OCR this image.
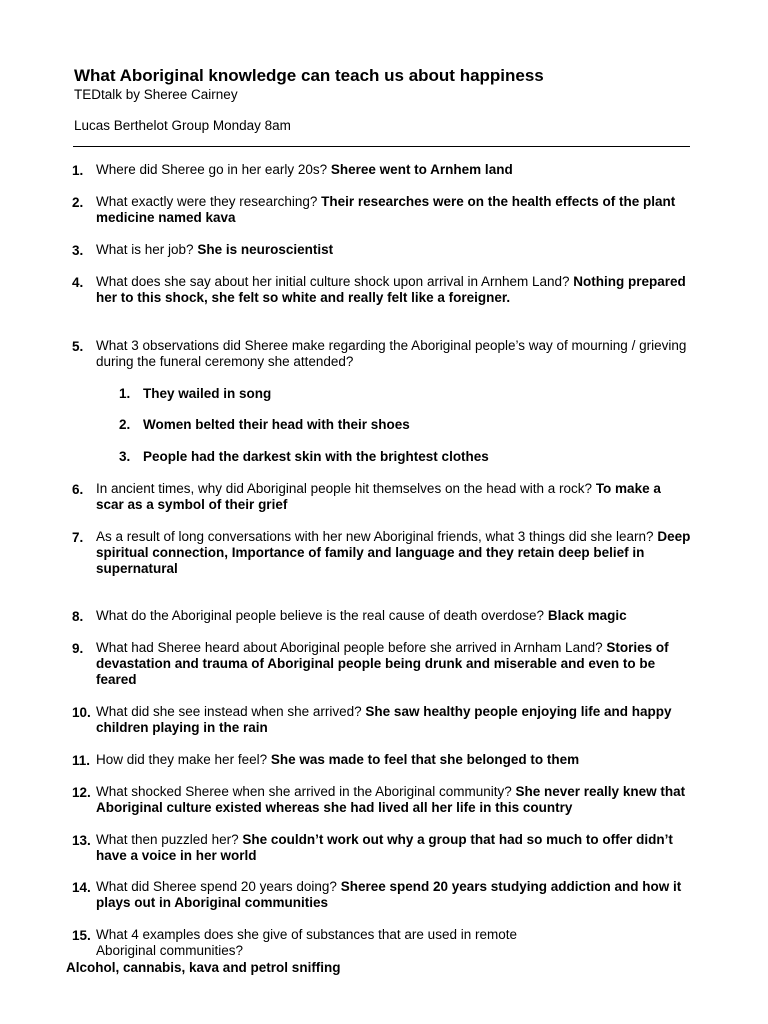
What Aboriginal knowledge can teach us about happiness
TEDtalk by Sheree Cairney
Lucas Berthelot Group Monday 8am
1. Where did Sheree go in her early 20s? Sheree went to Arnhem land
2. What exactly were they researching? Their researches were on the health effects of the plant medicine named kava
3. What is her job? She is neuroscientist
4. What does she say about her initial culture shock upon arrival in Arnhem Land? Nothing prepared her to this shock, she felt so white and really felt like a foreigner.
5. What 3 observations did Sheree make regarding the Aboriginal people’s way of mourning / grieving during the funeral ceremony she attended?
1. They wailed in song
2. Women belted their head with their shoes
3. People had the darkest skin with the brightest clothes
6. In ancient times, why did Aboriginal people hit themselves on the head with a rock? To make a scar as a symbol of their grief
7. As a result of long conversations with her new Aboriginal friends, what 3 things did she learn? Deep spiritual connection, Importance of family and language and they retain deep belief in supernatural
8. What do the Aboriginal people believe is the real cause of death overdose? Black magic
9. What had Sheree heard about Aboriginal people before she arrived in Arnham Land? Stories of devastation and trauma of Aboriginal people being drunk and miserable and even to be feared
10. What did she see instead when she arrived? She saw healthy people enjoying life and happy children playing in the rain
11. How did they make her feel? She was made to feel that she belonged to them
12. What shocked Sheree when she arrived in the Aboriginal community? She never really knew that Aboriginal culture existed whereas she had lived all her life in this country
13. What then puzzled her? She couldn’t work out why a group that had so much to offer didn’t have a voice in her world
14. What did Sheree spend 20 years doing? Sheree spend 20 years studying addiction and how it plays out in Aboriginal communities
15. What 4 examples does she give of substances that are used in remote Aboriginal communities?
Alcohol, cannabis, kava and petrol sniffing
